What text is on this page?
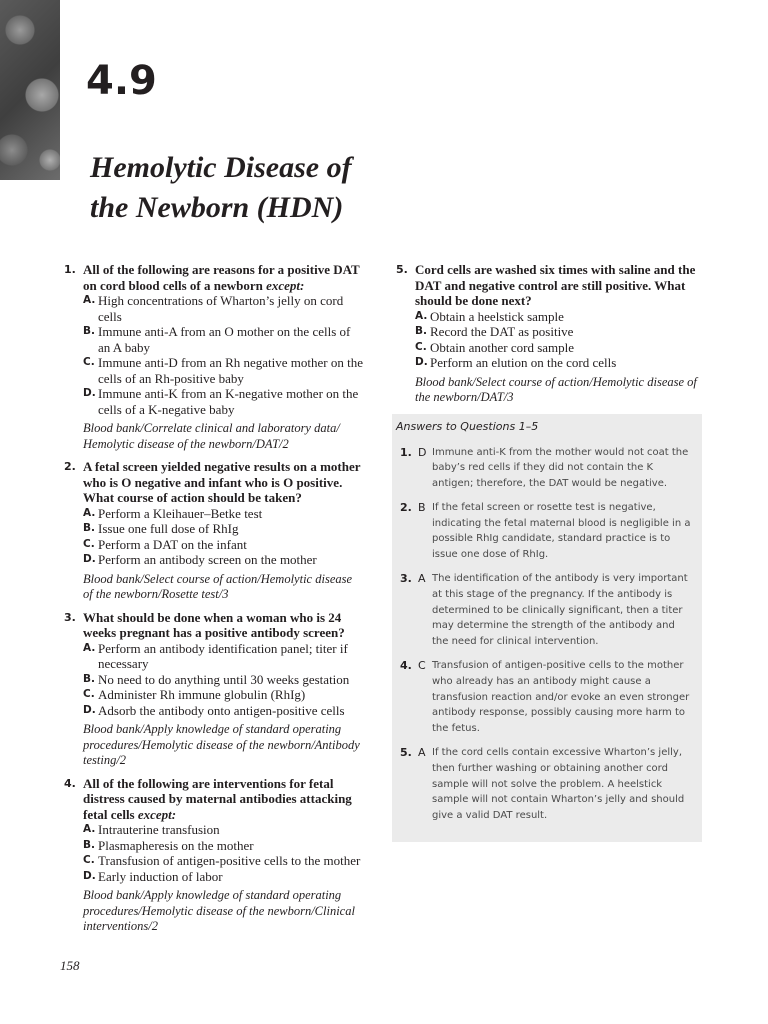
4.9
Hemolytic Disease of
the Newborn (HDN)
1. All of the following are reasons for a positive DAT on cord blood cells of a newborn except:
A. High concentrations of Wharton’s jelly on cord cells
B. Immune anti-A from an O mother on the cells of an A baby
C. Immune anti-D from an Rh negative mother on the cells of an Rh-positive baby
D. Immune anti-K from an K-negative mother on the cells of a K-negative baby
Blood bank/Correlate clinical and laboratory data/ Hemolytic disease of the newborn/DAT/2
2. A fetal screen yielded negative results on a mother who is O negative and infant who is O positive. What course of action should be taken?
A. Perform a Kleihauer–Betke test
B. Issue one full dose of RhIg
C. Perform a DAT on the infant
D. Perform an antibody screen on the mother
Blood bank/Select course of action/Hemolytic disease of the newborn/Rosette test/3
3. What should be done when a woman who is 24 weeks pregnant has a positive antibody screen?
A. Perform an antibody identification panel; titer if necessary
B. No need to do anything until 30 weeks gestation
C. Administer Rh immune globulin (RhIg)
D. Adsorb the antibody onto antigen-positive cells
Blood bank/Apply knowledge of standard operating procedures/Hemolytic disease of the newborn/Antibody testing/2
4. All of the following are interventions for fetal distress caused by maternal antibodies attacking fetal cells except:
A. Intrauterine transfusion
B. Plasmapheresis on the mother
C. Transfusion of antigen-positive cells to the mother
D. Early induction of labor
Blood bank/Apply knowledge of standard operating procedures/Hemolytic disease of the newborn/Clinical interventions/2
5. Cord cells are washed six times with saline and the DAT and negative control are still positive. What should be done next?
A. Obtain a heelstick sample
B. Record the DAT as positive
C. Obtain another cord sample
D. Perform an elution on the cord cells
Blood bank/Select course of action/Hemolytic disease of the newborn/DAT/3
Answers to Questions 1–5
1. D Immune anti-K from the mother would not coat the baby’s red cells if they did not contain the K antigen; therefore, the DAT would be negative.
2. B If the fetal screen or rosette test is negative, indicating the fetal maternal blood is negligible in a possible RhIg candidate, standard practice is to issue one dose of RhIg.
3. A The identification of the antibody is very important at this stage of the pregnancy. If the antibody is determined to be clinically significant, then a titer may determine the strength of the antibody and the need for clinical intervention.
4. C Transfusion of antigen-positive cells to the mother who already has an antibody might cause a transfusion reaction and/or evoke an even stronger antibody response, possibly causing more harm to the fetus.
5. A If the cord cells contain excessive Wharton’s jelly, then further washing or obtaining another cord sample will not solve the problem. A heelstick sample will not contain Wharton’s jelly and should give a valid DAT result.
158
